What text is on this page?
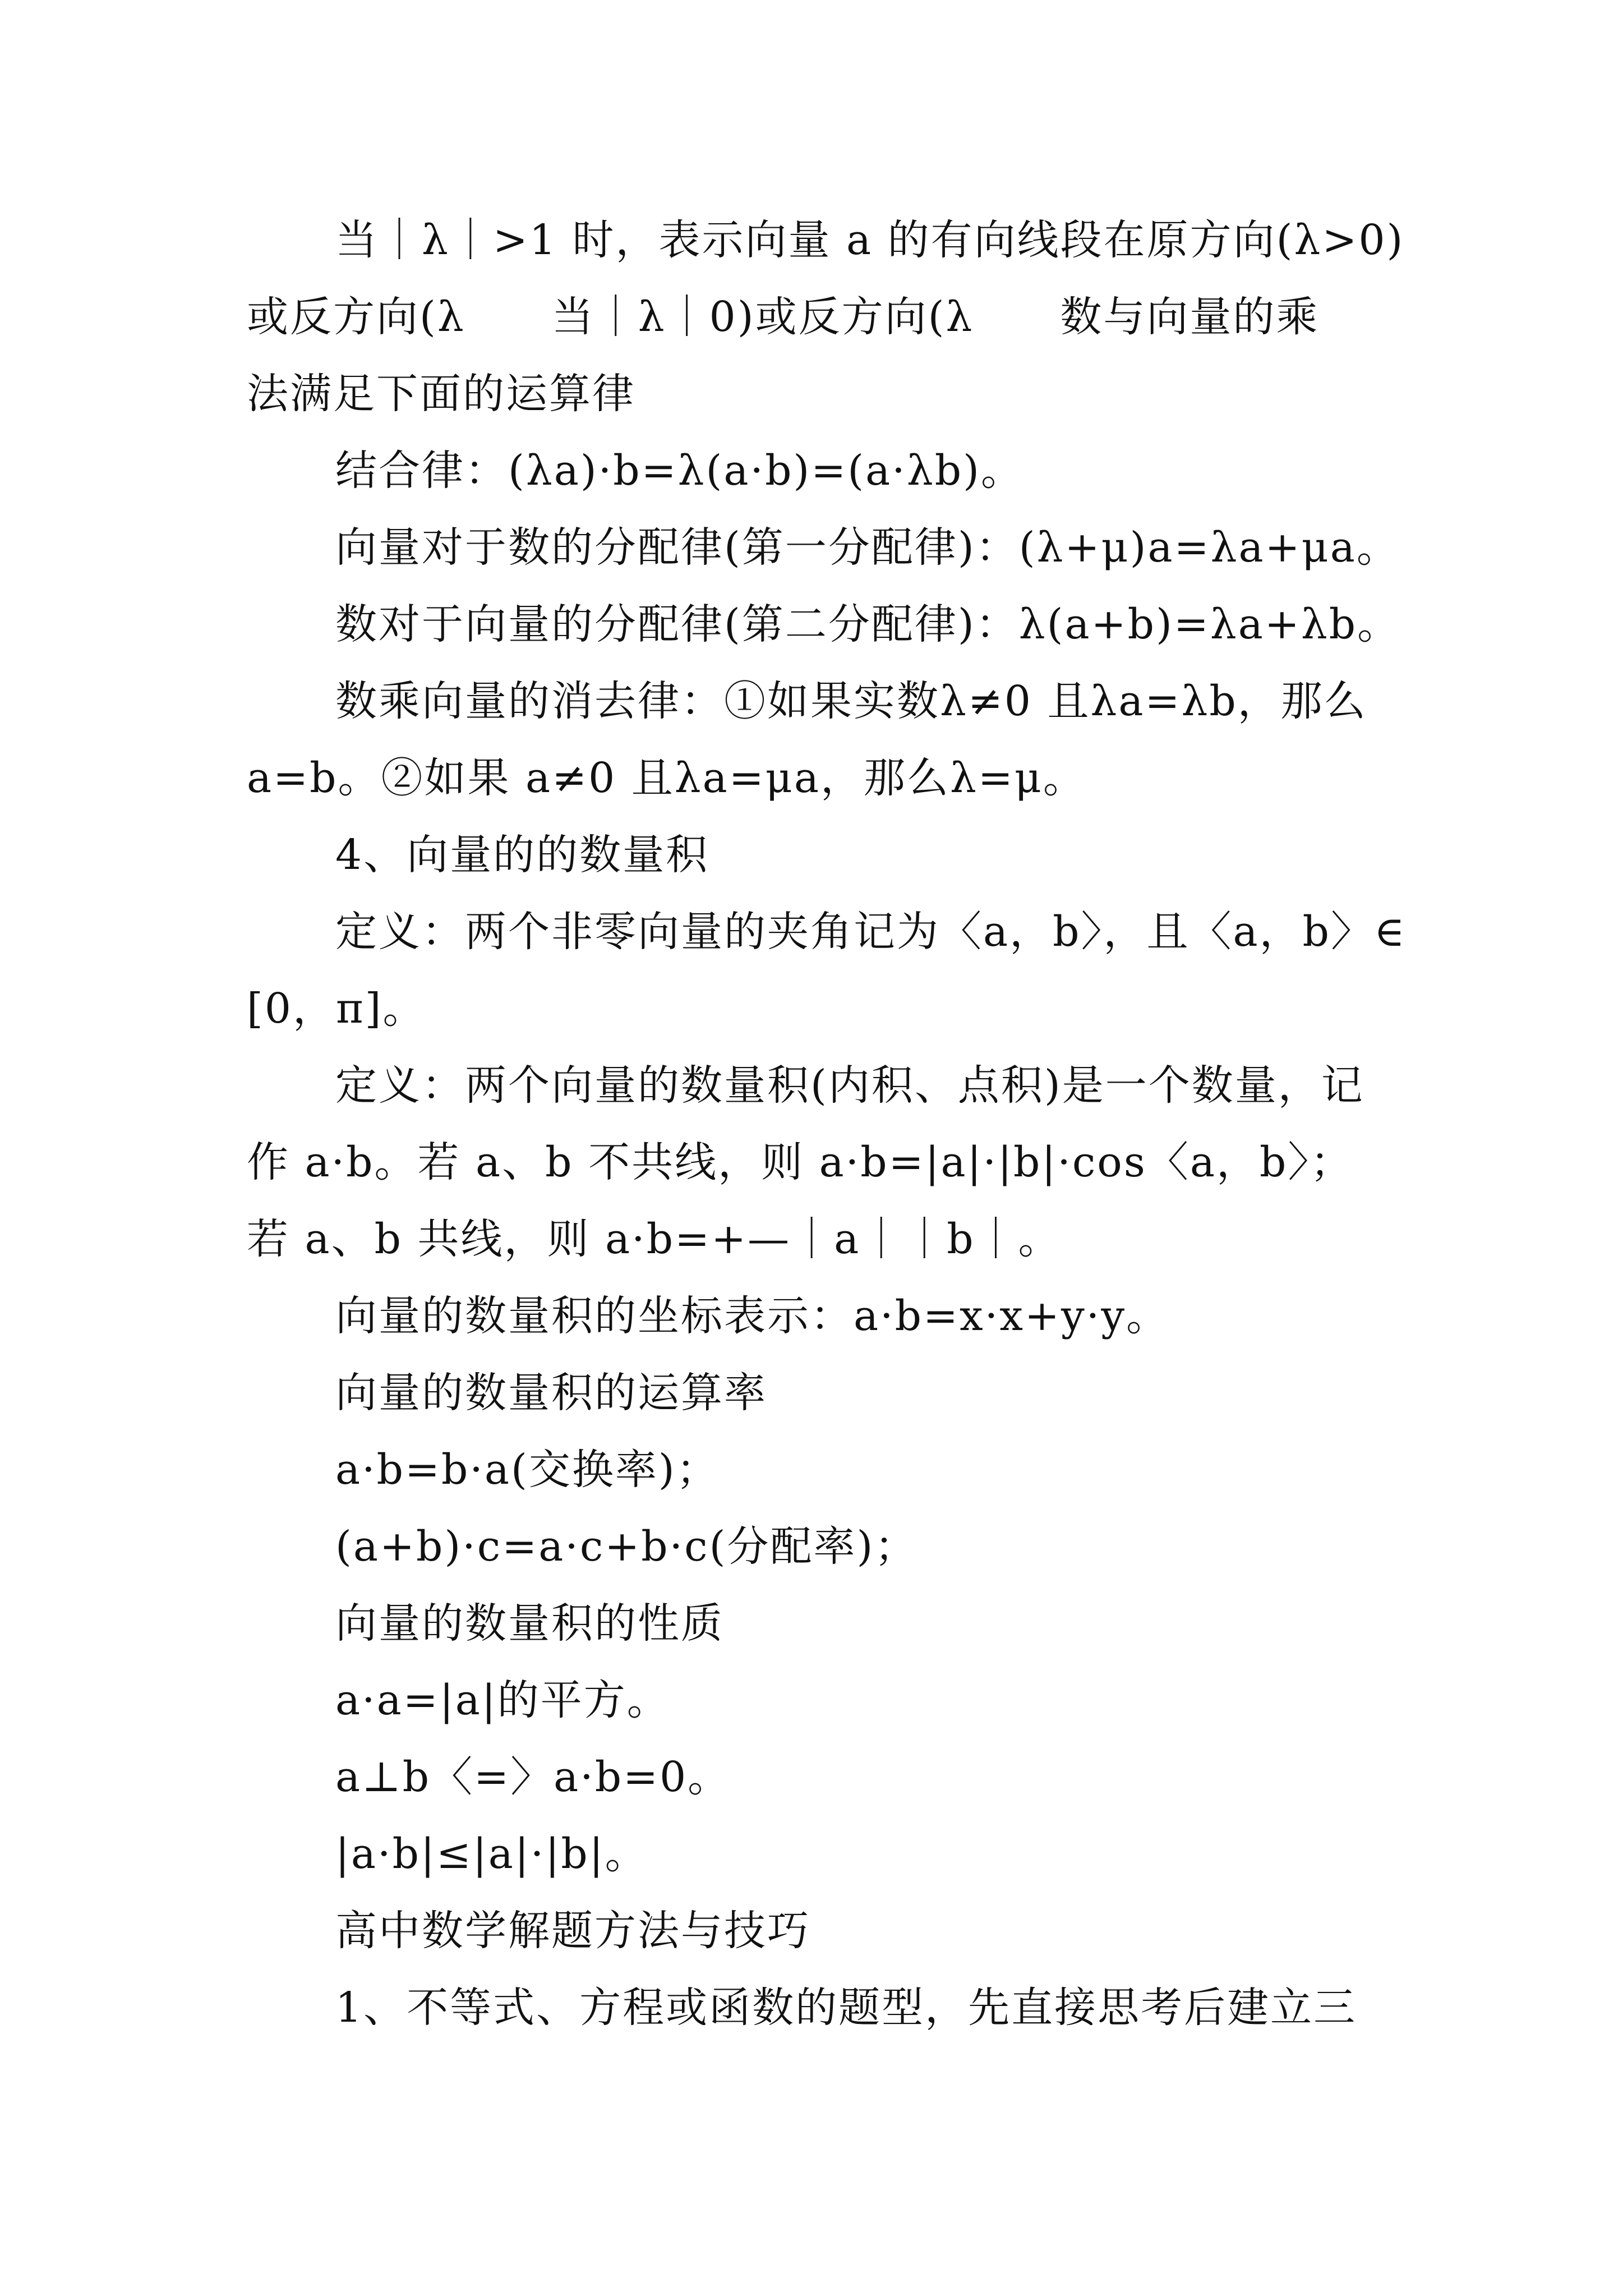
当｜λ｜>1 时，表示向量 a 的有向线段在原方向(λ>0)
或反方向(λ　　当｜λ｜0)或反方向(λ　　数与向量的乘
法满足下面的运算律
结合律：(λa)·b=λ(a·b)=(a·λb)。
向量对于数的分配律(第一分配律)：(λ+μ)a=λa+μa。
数对于向量的分配律(第二分配律)：λ(a+b)=λa+λb。
数乘向量的消去律：①如果实数λ≠0 且λa=λb，那么
a=b。②如果 a≠0 且λa=μa，那么λ=μ。
4、向量的的数量积
定义：两个非零向量的夹角记为〈a，b〉，且〈a，b〉∈
[0，π]。
定义：两个向量的数量积(内积、点积)是一个数量，记
作 a·b。若 a、b 不共线，则 a·b=|a|·|b|·cos〈a，b〉；
若 a、b 共线，则 a·b=+—｜a｜｜b｜。
向量的数量积的坐标表示：a·b=x·x+y·y。
向量的数量积的运算率
a·b=b·a(交换率)；
(a+b)·c=a·c+b·c(分配率)；
向量的数量积的性质
a·a=|a|的平方。
a⊥b〈=〉a·b=0。
|a·b|≤|a|·|b|。
高中数学解题方法与技巧
1、不等式、方程或函数的题型，先直接思考后建立三
